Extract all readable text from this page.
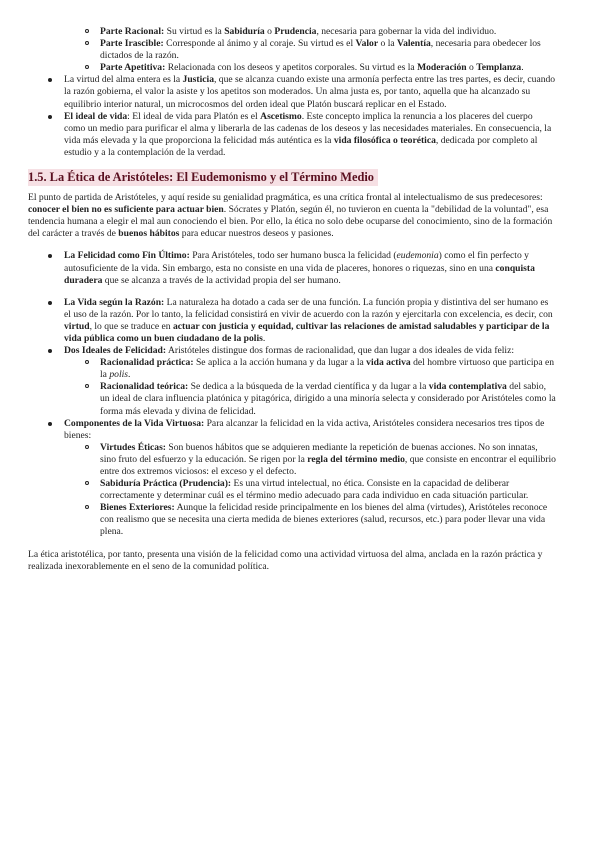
Parte Racional: Su virtud es la Sabiduría o Prudencia, necesaria para gobernar la vida del individuo.
Parte Irascible: Corresponde al ánimo y al coraje. Su virtud es el Valor o la Valentía, necesaria para obedecer los dictados de la razón.
Parte Apetitiva: Relacionada con los deseos y apetitos corporales. Su virtud es la Moderación o Templanza.
La virtud del alma entera es la Justicia, que se alcanza cuando existe una armonía perfecta entre las tres partes, es decir, cuando la razón gobierna, el valor la asiste y los apetitos son moderados. Un alma justa es, por tanto, aquella que ha alcanzado su equilibrio interior natural, un microcosmos del orden ideal que Platón buscará replicar en el Estado.
El ideal de vida: El ideal de vida para Platón es el Ascetismo. Este concepto implica la renuncia a los placeres del cuerpo como un medio para purificar el alma y liberarla de las cadenas de los deseos y las necesidades materiales. En consecuencia, la vida más elevada y la que proporciona la felicidad más auténtica es la vida filosófica o teorética, dedicada por completo al estudio y a la contemplación de la verdad.
1.5. La Ética de Aristóteles: El Eudemonismo y el Término Medio

El punto de partida de Aristóteles, y aquí reside su genialidad pragmática, es una crítica frontal al intelectualismo de sus predecesores: conocer el bien no es suficiente para actuar bien. Sócrates y Platón, según él, no tuvieron en cuenta la "debilidad de la voluntad", esa tendencia humana a elegir el mal aun conociendo el bien. Por ello, la ética no solo debe ocuparse del conocimiento, sino de la formación del carácter a través de buenos hábitos para educar nuestros deseos y pasiones.

La Felicidad como Fin Último: Para Aristóteles, todo ser humano busca la felicidad (eudemonia) como el fin perfecto y autosuficiente de la vida. Sin embargo, esta no consiste en una vida de placeres, honores o riquezas, sino en una conquista duradera que se alcanza a través de la actividad propia del ser humano.
La Vida según la Razón: La naturaleza ha dotado a cada ser de una función. La función propia y distintiva del ser humano es el uso de la razón. Por lo tanto, la felicidad consistirá en vivir de acuerdo con la razón y ejercitarla con excelencia, es decir, con virtud, lo que se traduce en actuar con justicia y equidad, cultivar las relaciones de amistad saludables y participar de la vida pública como un buen ciudadano de la polis.
Dos Ideales de Felicidad: Aristóteles distingue dos formas de racionalidad, que dan lugar a dos ideales de vida feliz:
Racionalidad práctica: Se aplica a la acción humana y da lugar a la vida activa del hombre virtuoso que participa en la polis.
Racionalidad teórica: Se dedica a la búsqueda de la verdad científica y da lugar a la vida contemplativa del sabio, un ideal de clara influencia platónica y pitagórica, dirigido a una minoría selecta y considerado por Aristóteles como la forma más elevada y divina de felicidad.
Componentes de la Vida Virtuosa: Para alcanzar la felicidad en la vida activa, Aristóteles considera necesarios tres tipos de bienes:
Virtudes Éticas: Son buenos hábitos que se adquieren mediante la repetición de buenas acciones. No son innatas, sino fruto del esfuerzo y la educación. Se rigen por la regla del término medio, que consiste en encontrar el equilibrio entre dos extremos viciosos: el exceso y el defecto.
Sabiduría Práctica (Prudencia): Es una virtud intelectual, no ética. Consiste en la capacidad de deliberar correctamente y determinar cuál es el término medio adecuado para cada individuo en cada situación particular.
Bienes Exteriores: Aunque la felicidad reside principalmente en los bienes del alma (virtudes), Aristóteles reconoce con realismo que se necesita una cierta medida de bienes exteriores (salud, recursos, etc.) para poder llevar una vida plena.

La ética aristotélica, por tanto, presenta una visión de la felicidad como una actividad virtuosa del alma, anclada en la razón práctica y realizada inexorablemente en el seno de la comunidad política.
